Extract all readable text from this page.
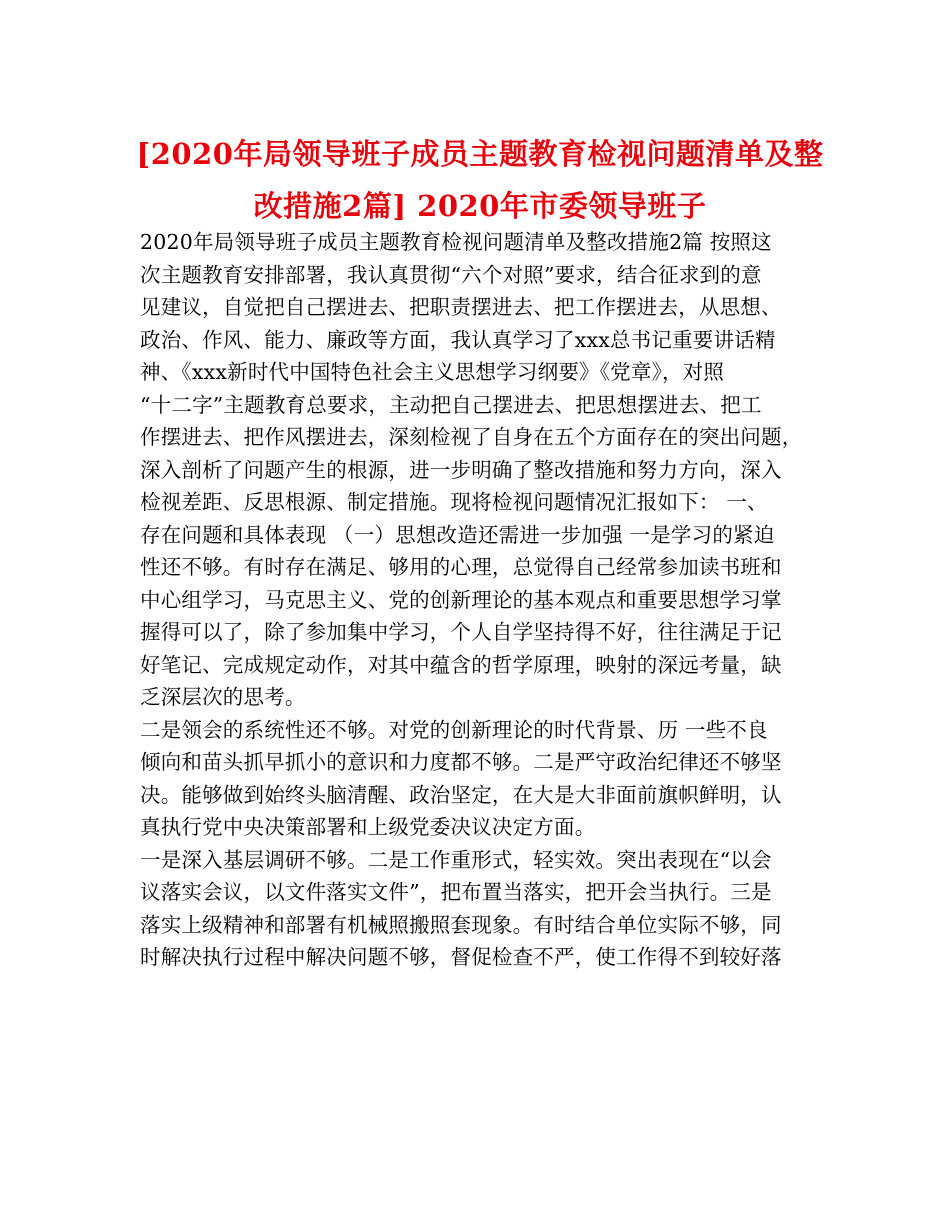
[2020年局领导班子成员主题教育检视问题清单及整
改措施2篇] 2020年市委领导班子
2020年局领导班子成员主题教育检视问题清单及整改措施2篇 按照这
次主题教育安排部署，我认真贯彻“六个对照”要求，结合征求到的意
见建议，自觉把自己摆进去、把职责摆进去、把工作摆进去，从思想、
政治、作风、能力、廉政等方面，我认真学习了xxx总书记重要讲话精
神、《xxx新时代中国特色社会主义思想学习纲要》《党章》，对照
“十二字”主题教育总要求，主动把自己摆进去、把思想摆进去、把工
作摆进去、把作风摆进去，深刻检视了自身在五个方面存在的突出问题，
深入剖析了问题产生的根源，进一步明确了整改措施和努力方向，深入
检视差距、反思根源、制定措施。现将检视问题情况汇报如下： 一、
存在问题和具体表现 （一）思想改造还需进一步加强 一是学习的紧迫
性还不够。有时存在满足、够用的心理，总觉得自己经常参加读书班和
中心组学习，马克思主义、党的创新理论的基本观点和重要思想学习掌
握得可以了，除了参加集中学习，个人自学坚持得不好，往往满足于记
好笔记、完成规定动作，对其中蕴含的哲学原理，映射的深远考量，缺
乏深层次的思考。
二是领会的系统性还不够。对党的创新理论的时代背景、历 一些不良
倾向和苗头抓早抓小的意识和力度都不够。二是严守政治纪律还不够坚
决。能够做到始终头脑清醒、政治坚定，在大是大非面前旗帜鲜明，认
真执行党中央决策部署和上级党委决议决定方面。
一是深入基层调研不够。二是工作重形式，轻实效。突出表现在“以会
议落实会议，以文件落实文件”，把布置当落实，把开会当执行。三是
落实上级精神和部署有机械照搬照套现象。有时结合单位实际不够，同
时解决执行过程中解决问题不够，督促检查不严，使工作得不到较好落
